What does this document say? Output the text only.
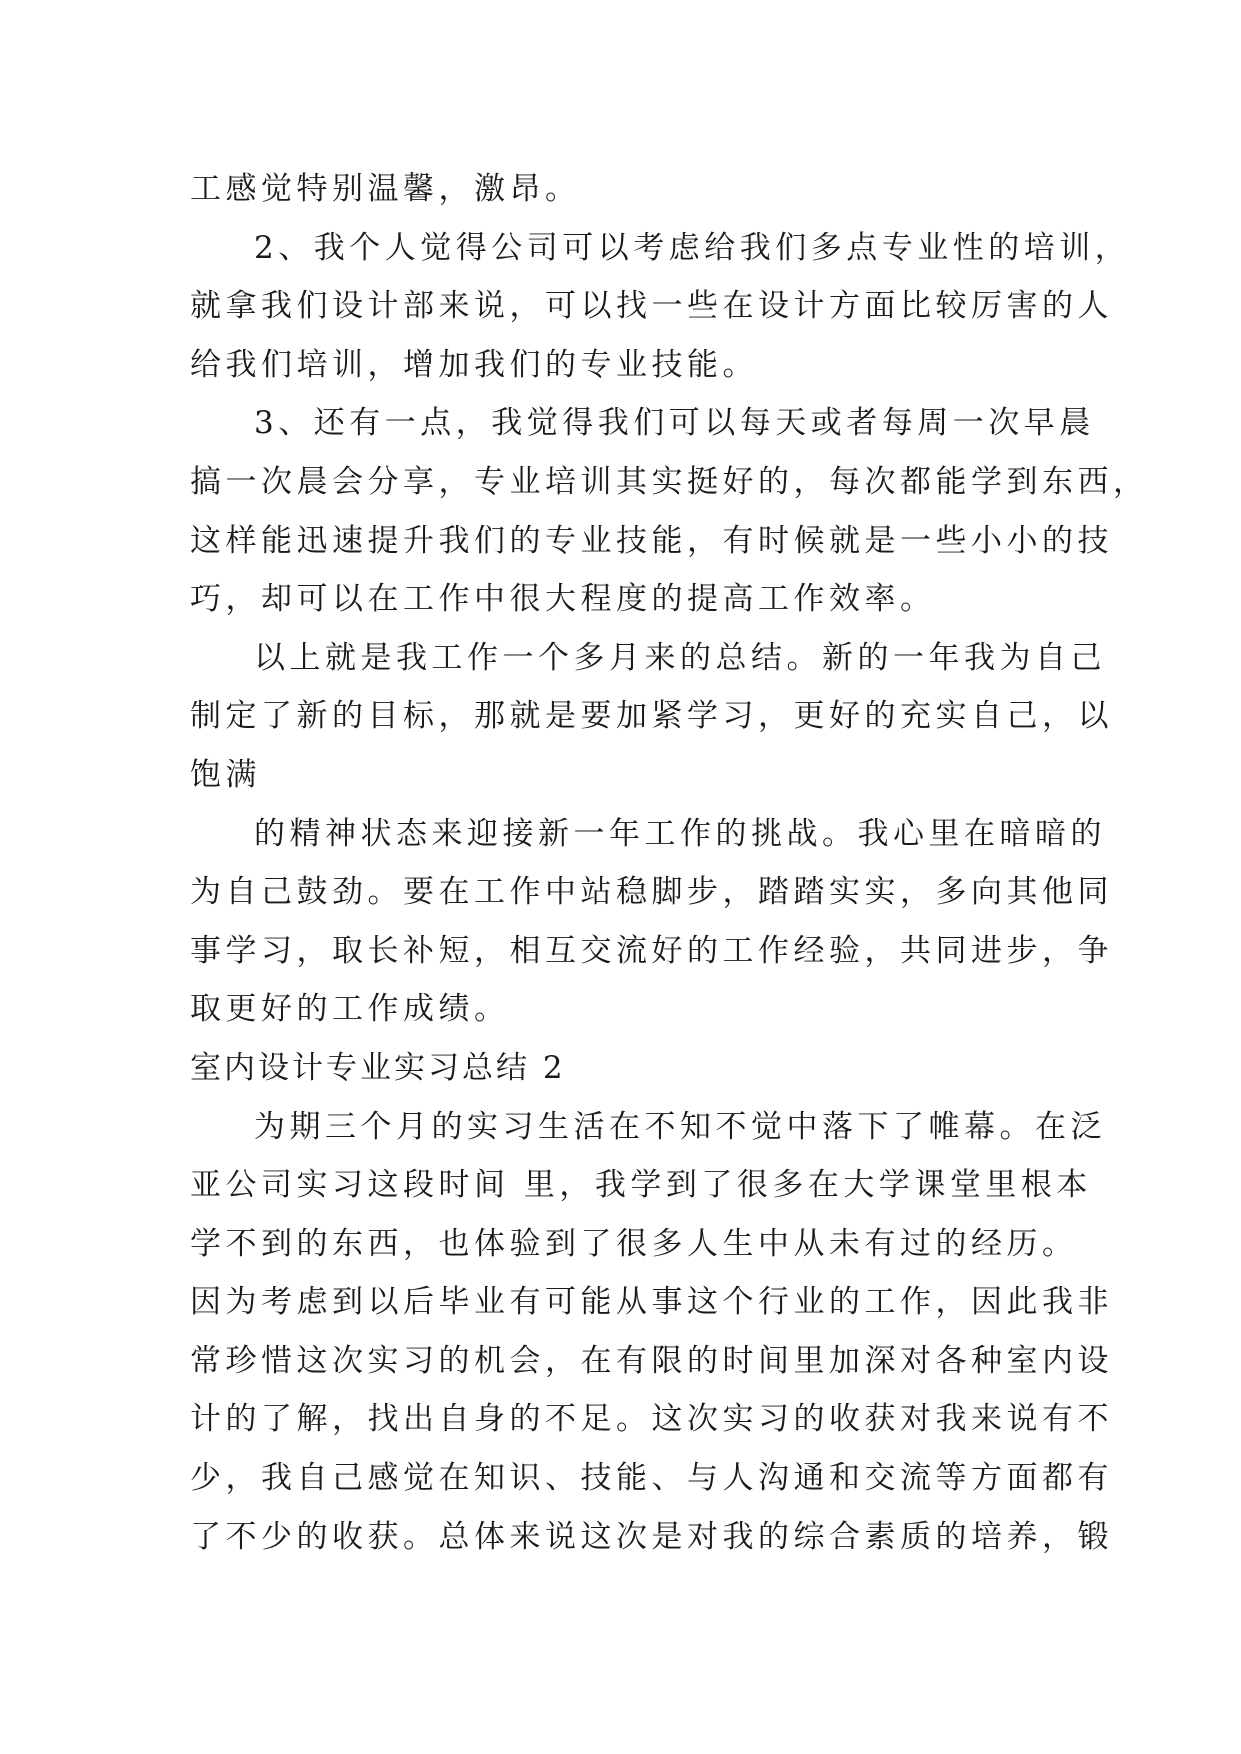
工感觉特别温馨，激昂。
2、我个人觉得公司可以考虑给我们多点专业性的培训，
就拿我们设计部来说，可以找一些在设计方面比较厉害的人
给我们培训，增加我们的专业技能。
3、还有一点，我觉得我们可以每天或者每周一次早晨
搞一次晨会分享，专业培训其实挺好的，每次都能学到东西，
这样能迅速提升我们的专业技能，有时候就是一些小小的技
巧，却可以在工作中很大程度的提高工作效率。
以上就是我工作一个多月来的总结。新的一年我为自己
制定了新的目标，那就是要加紧学习，更好的充实自己，以
饱满
的精神状态来迎接新一年工作的挑战。我心里在暗暗的
为自己鼓劲。要在工作中站稳脚步，踏踏实实，多向其他同
事学习，取长补短，相互交流好的工作经验，共同进步，争
取更好的工作成绩。
室内设计专业实习总结 2
为期三个月的实习生活在不知不觉中落下了帷幕。在泛
亚公司实习这段时间 里，我学到了很多在大学课堂里根本
学不到的东西，也体验到了很多人生中从未有过的经历。
因为考虑到以后毕业有可能从事这个行业的工作，因此我非
常珍惜这次实习的机会，在有限的时间里加深对各种室内设
计的了解，找出自身的不足。这次实习的收获对我来说有不
少，我自己感觉在知识、技能、与人沟通和交流等方面都有
了不少的收获。总体来说这次是对我的综合素质的培养，锻
